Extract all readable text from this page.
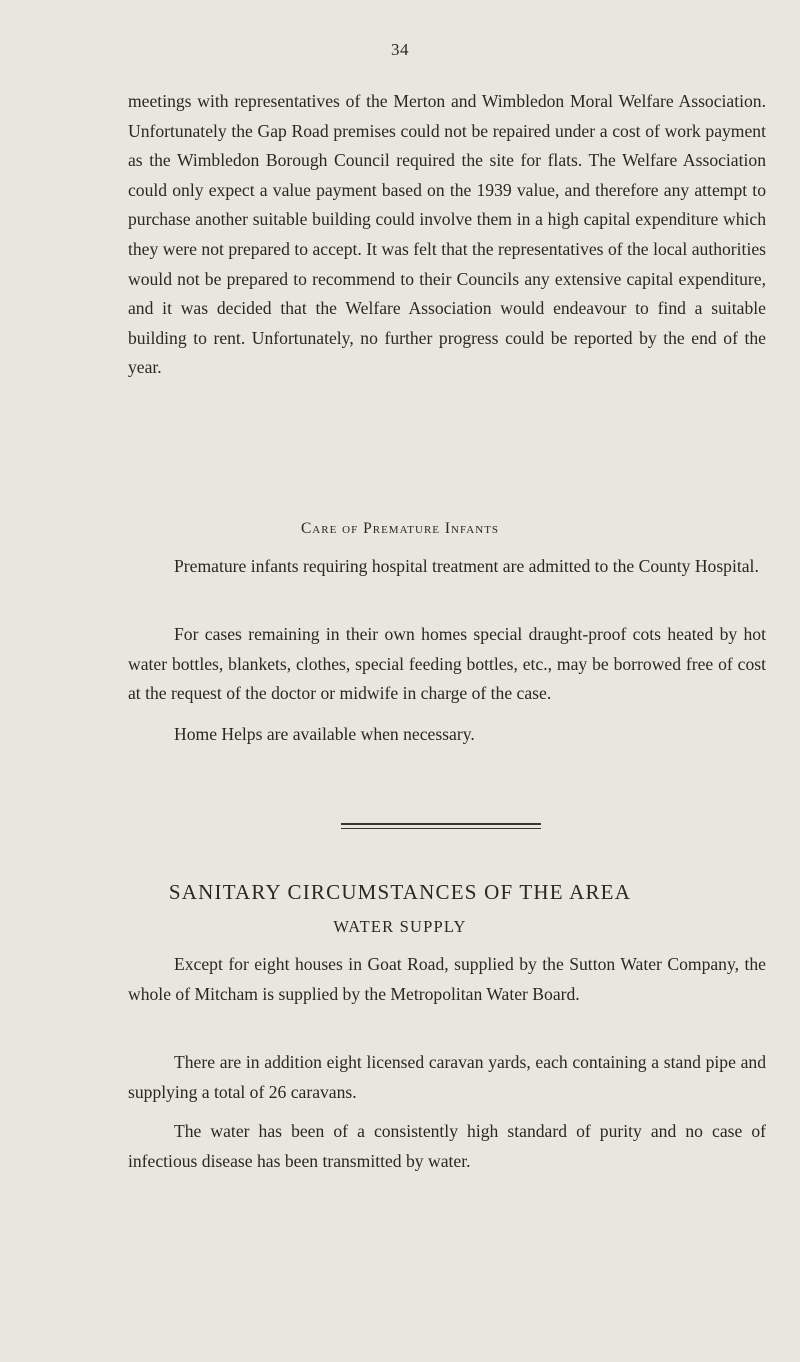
34

meetings with representatives of the Merton and Wimbledon Moral Welfare Association. Unfortunately the Gap Road premises could not be repaired under a cost of work payment as the Wimbledon Borough Council required the site for flats. The Welfare Association could only expect a value payment based on the 1939 value, and therefore any attempt to purchase another suitable building could involve them in a high capital expenditure which they were not prepared to accept. It was felt that the representatives of the local authorities would not be prepared to recommend to their Councils any extensive capital expenditure, and it was decided that the Welfare Association would endeavour to find a suitable building to rent. Unfortunately, no further progress could be reported by the end of the year.

Care of Premature Infants

Premature infants requiring hospital treatment are admitted to the County Hospital.

For cases remaining in their own homes special draught-proof cots heated by hot water bottles, blankets, clothes, special feeding bottles, etc., may be borrowed free of cost at the request of the doctor or midwife in charge of the case.

Home Helps are available when necessary.

SANITARY CIRCUMSTANCES OF THE AREA
WATER SUPPLY

Except for eight houses in Goat Road, supplied by the Sutton Water Company, the whole of Mitcham is supplied by the Metropolitan Water Board.

There are in addition eight licensed caravan yards, each containing a stand pipe and supplying a total of 26 caravans.

The water has been of a consistently high standard of purity and no case of infectious disease has been transmitted by water.
